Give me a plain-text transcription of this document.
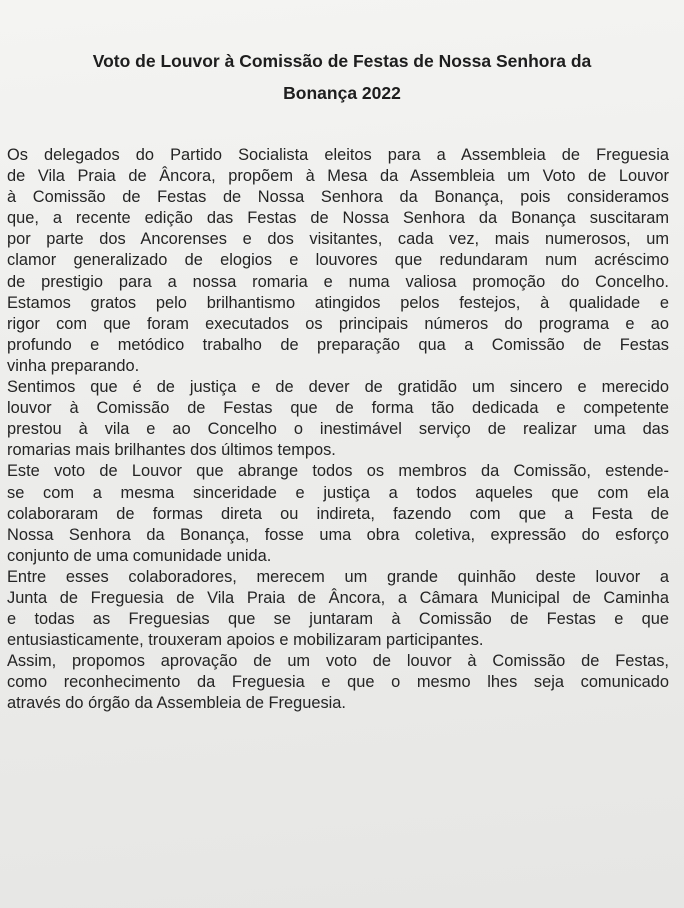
Voto de Louvor à Comissão de Festas de Nossa Senhora da
Bonança 2022
Os delegados do Partido Socialista eleitos para a Assembleia de Freguesia
de Vila Praia de Âncora, propõem à Mesa da Assembleia um Voto de Louvor
à Comissão de Festas de Nossa Senhora da Bonança, pois consideramos
que, a recente edição das Festas de Nossa Senhora da Bonança suscitaram
por parte dos Ancorenses e dos visitantes, cada vez, mais numerosos, um
clamor generalizado de elogios e louvores que redundaram num acréscimo
de prestigio para a nossa romaria e numa valiosa promoção do Concelho.
Estamos gratos pelo brilhantismo atingidos pelos festejos, à qualidade e
rigor com que foram executados os principais números do programa e ao
profundo e metódico trabalho de preparação qua a Comissão de Festas
vinha preparando.
Sentimos que é de justiça e de dever de gratidão um sincero e merecido
louvor à Comissão de Festas que de forma tão dedicada e competente
prestou à vila e ao Concelho o inestimável serviço de realizar uma das
romarias mais brilhantes dos últimos tempos.
Este voto de Louvor que abrange todos os membros da Comissão, estende-
se com a mesma sinceridade e justiça a todos aqueles que com ela
colaboraram de formas direta ou indireta, fazendo com que a Festa de
Nossa Senhora da Bonança, fosse uma obra coletiva, expressão do esforço
conjunto de uma comunidade unida.
Entre esses colaboradores, merecem um grande quinhão deste louvor a
Junta de Freguesia de Vila Praia de Âncora, a Câmara Municipal de Caminha
e todas as Freguesias que se juntaram à Comissão de Festas e que
entusiasticamente, trouxeram apoios e mobilizaram participantes.
Assim, propomos aprovação de um voto de louvor à Comissão de Festas,
como reconhecimento da Freguesia e que o mesmo lhes seja comunicado
através do órgão da Assembleia de Freguesia.
